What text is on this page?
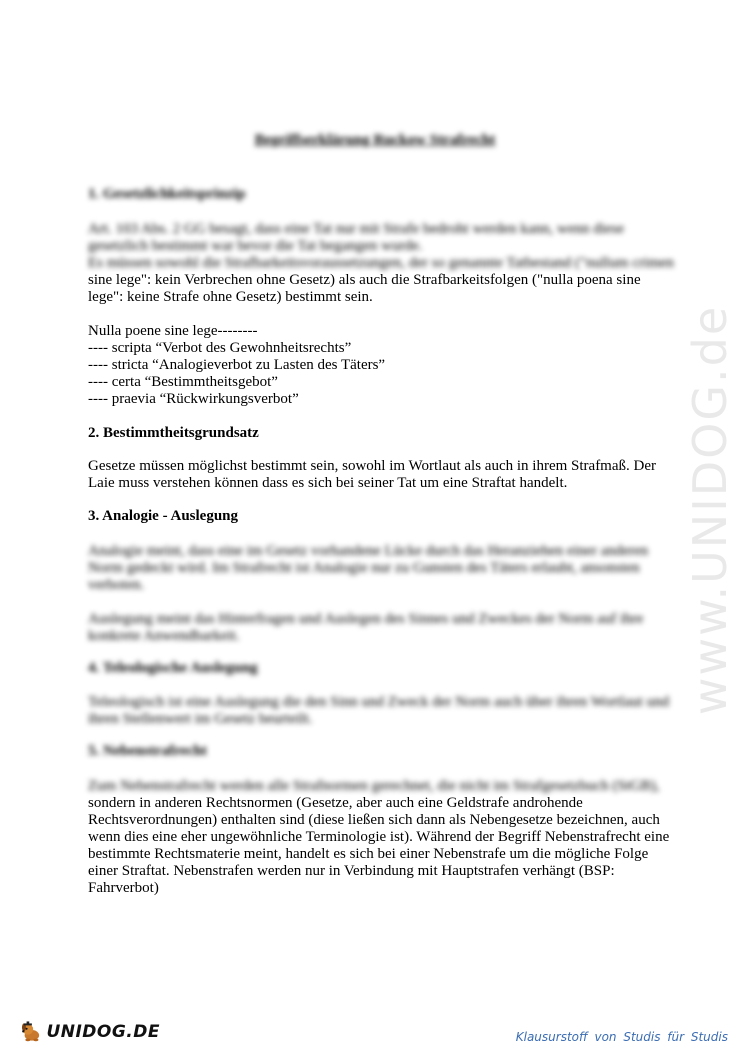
www.UNIDOG.de
Begriffserklärung Ruckow Strafrecht
1. Gesetzlichkeitsprinzip
Art. 103 Abs. 2 GG besagt, dass eine Tat nur mit Strafe bedroht werden kann, wenn diese
gesetzlich bestimmt war bevor die Tat begangen wurde.
Es müssen sowohl die Strafbarkeitsvoraussetzungen, der so genannte Tatbestand ("nullum crimen
sine lege": kein Verbrechen ohne Gesetz) als auch die Strafbarkeitsfolgen ("nulla poena sine
lege": keine Strafe ohne Gesetz) bestimmt sein.
Nulla poene sine lege--------
---- scripta “Verbot des Gewohnheitsrechts”
---- stricta “Analogieverbot zu Lasten des Täters”
---- certa “Bestimmtheitsgebot”
---- praevia “Rückwirkungsverbot”
2. Bestimmtheitsgrundsatz
Gesetze müssen möglichst bestimmt sein, sowohl im Wortlaut als auch in ihrem Strafmaß. Der
Laie muss verstehen können dass es sich bei seiner Tat um eine Straftat handelt.
3. Analogie - Auslegung
Analogie meint, dass eine im Gesetz vorhandene Lücke durch das Heranziehen einer anderen
Norm gedeckt wird. Im Strafrecht ist Analogie nur zu Gunsten des Täters erlaubt, ansonsten
verboten.
Auslegung meint das Hinterfragen und Auslegen des Sinnes und Zweckes der Norm auf ihre
konkrete Anwendbarkeit.
4. Teleologische Auslegung
Teleologisch ist eine Auslegung die den Sinn und Zweck der Norm auch über ihren Wortlaut und
ihren Stellenwert im Gesetz beurteilt.
5. Nebenstrafrecht
Zum Nebenstrafrecht werden alle Strafnormen gerechnet, die nicht im Strafgesetzbuch (StGB),
sondern in anderen Rechtsnormen (Gesetze, aber auch eine Geldstrafe androhende
Rechtsverordnungen) enthalten sind (diese ließen sich dann als Nebengesetze bezeichnen, auch
wenn dies eine eher ungewöhnliche Terminologie ist). Während der Begriff Nebenstrafrecht eine
bestimmte Rechtsmaterie meint, handelt es sich bei einer Nebenstrafe um die mögliche Folge
einer Straftat. Nebenstrafen werden nur in Verbindung mit Hauptstrafen verhängt (BSP:
Fahrverbot)
UNIDOG.DE	Klausurstoff von Studis für Studis
